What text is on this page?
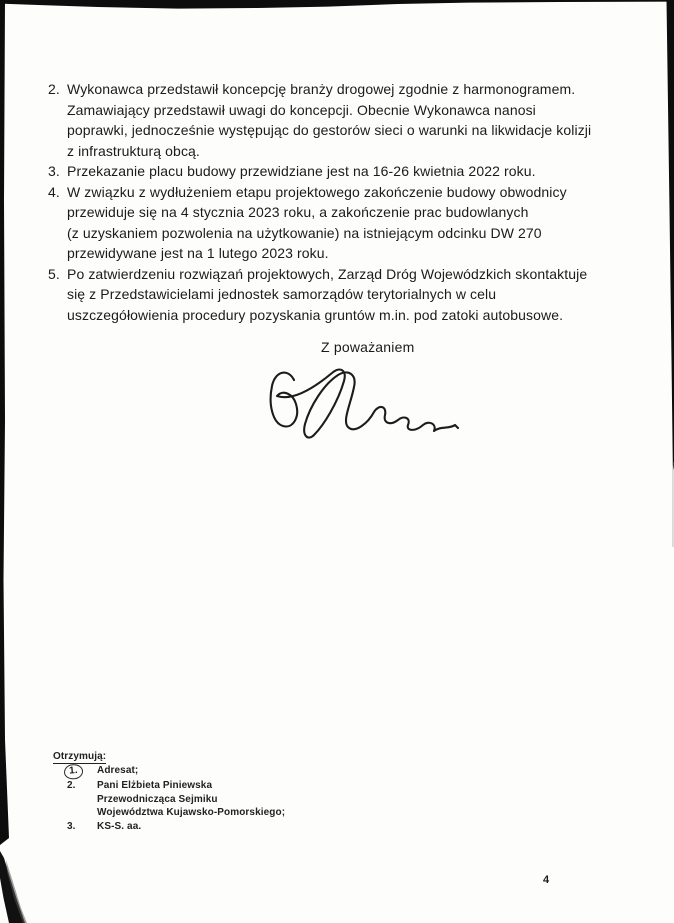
2. Wykonawca przedstawił koncepcję branży drogowej zgodnie z harmonogramem.
Zamawiający przedstawił uwagi do koncepcji. Obecnie Wykonawca nanosi
poprawki, jednocześnie występując do gestorów sieci o warunki na likwidacje kolizji
z infrastrukturą obcą.
3. Przekazanie placu budowy przewidziane jest na 16-26 kwietnia 2022 roku.
4. W związku z wydłużeniem etapu projektowego zakończenie budowy obwodnicy
przewiduje się na 4 stycznia 2023 roku, a zakończenie prac budowlanych
(z uzyskaniem pozwolenia na użytkowanie) na istniejącym odcinku DW 270
przewidywane jest na 1 lutego 2023 roku.
5. Po zatwierdzeniu rozwiązań projektowych, Zarząd Dróg Wojewódzkich skontaktuje
się z Przedstawicielami jednostek samorządów terytorialnych w celu
uszczegółowienia procedury pozyskania gruntów m.in. pod zatoki autobusowe.
Z poważaniem
Otrzymują:
1.	Adresat;
2.	Pani Elżbieta Piniewska
Przewodnicząca Sejmiku
Województwa Kujawsko-Pomorskiego;
3.	KS-S. aa.
4
